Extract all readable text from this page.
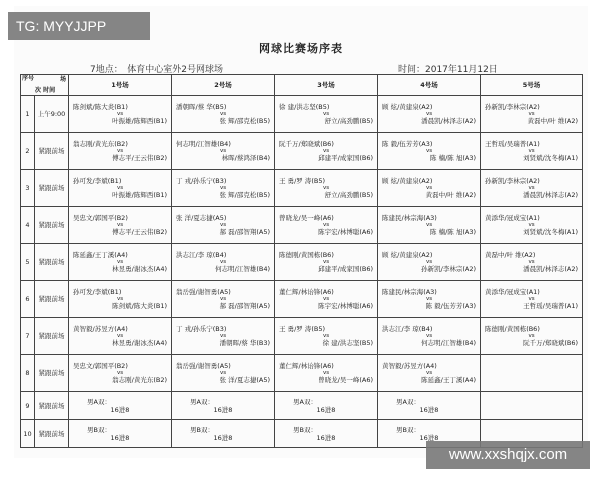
网球比赛场序表
7地点：　体育中心室外2号网球场	时间：2017年11月12日
序号 场
次 时间		1号场	2号场	3号场	4号场	5号场
1	上午9:00	陈剑斌/陈大炎(B1)
vs
叶振雄/陈辉西(B1)	潘朝晖/蔡 华(B5)
vs
张 辉/邵克松(B5)	徐 建/洪志坚(B5)
vs
舒立/高劲鹏(B5)	顾 炫/黄建泉(A2)
vs
潘晨凯/林泽志(A2)	孙新凯/李林宗(A2)
vs
黄磊中/叶 维(A2)

2	紧跟前场	翁志刚/黄光东(B2)
vs
傅志平/王云伟(B2)	何志明/江智雄(B4)
vs
林晖/蔡鸿泽(B4)	阮千万/郑晓斌(B6)
vs
邱建平/成家国(B6)	陈 毅/伍芳芳(A3)
vs
陈 楠/陈 旭(A3)	王哲瑶/吴瑞普(A1)
vs
刘贤斌/沈冬梅(A1)

3	紧跟前场	孙可发/李斌(B1)
vs
叶振雄/陈辉西(B1)	丁 戎/孙乐宁(B3)
vs
张 辉/邵克松(B5)	王 勇/罗 涛(B5)
vs
舒立/高劲鹏(B5)	顾 炫/黄建泉(A2)
vs
黄磊中/叶 维(A2)	孙新凯/李林宗(A2)
vs
潘晨凯/林泽志(A2)

4	紧跟前场	吴忠文/郭国平(B2)
vs
傅志平/王云伟(B2)	张 洋/夏志捷(A5)
vs
郝 磊/邵智翔(A5)	曾晓龙/吴一峰(A6)
vs
陈宇宏/林博聪(A6)	陈建民/林宗海(A3)
vs
陈 楠/陈 旭(A3)	黄添华/冠成宝(A1)
vs
刘贤斌/沈冬梅(A1)

5	紧跟前场	陈延鑫/王丁溪(A4)
vs
林昱勇/谢冰杰(A4)	洪志江/李 琼(B4)
vs
何志明/江智雄(B4)	陈德刚/黄国栋(B6)
vs
邱建平/成家国(B6)	顾 炫/黄建泉(A2)
vs
孙新凯/李林宗(A2)	黄磊中/叶 维(A2)
vs
潘晨凯/林泽志(A2)

6	紧跟前场	孙可发/李斌(B1)
vs
陈剑斌/陈大炎(B1)	翁岳强/谢智勇(A5)
vs
郝 磊/邵智翔(A5)	董仁辉/林诒锋(A6)
vs
陈宇宏/林博聪(A6)	陈建民/林宗海(A3)
vs
陈 毅/伍芳芳(A3)	黄添华/冠成宝(A1)
vs
王哲瑶/吴瑞普(A1)

7	紧跟前场	黄智毅/苏昱方(A4)
vs
林昱勇/谢冰杰(A4)	丁 戎/孙乐宁(B3)
vs
潘朝晖/蔡 华(B3)	王 勇/罗 涛(B5)
vs
徐 建/洪志坚(B5)	洪志江/李 琼(B4)
vs
何志明/江智雄(B4)	陈德刚/黄国栋(B6)
vs
阮千万/郑晓斌(B6)

8	紧跟前场	吴忠文/郭国平(B2)
vs
翁志刚/黄光东(B2)	翁岳强/谢智勇(A5)
vs
张 洋/夏志捷(A5)	董仁辉/林诒锋(A6)
vs
曾晓龙/吴一峰(A6)	黄智毅/苏昱方(A4)
vs
陈延鑫/王丁溪(A4)	

9	紧跟前场	男A双：
16进8	男A双：
16进8	男A双：
16进8	男A双：
16进8	

10	紧跟前场	男B双：
16进8	男B双：
16进8	男B双：
16进8	男B双：
16进8	

TG: MYYJJPP
www.xxshqjx.com
